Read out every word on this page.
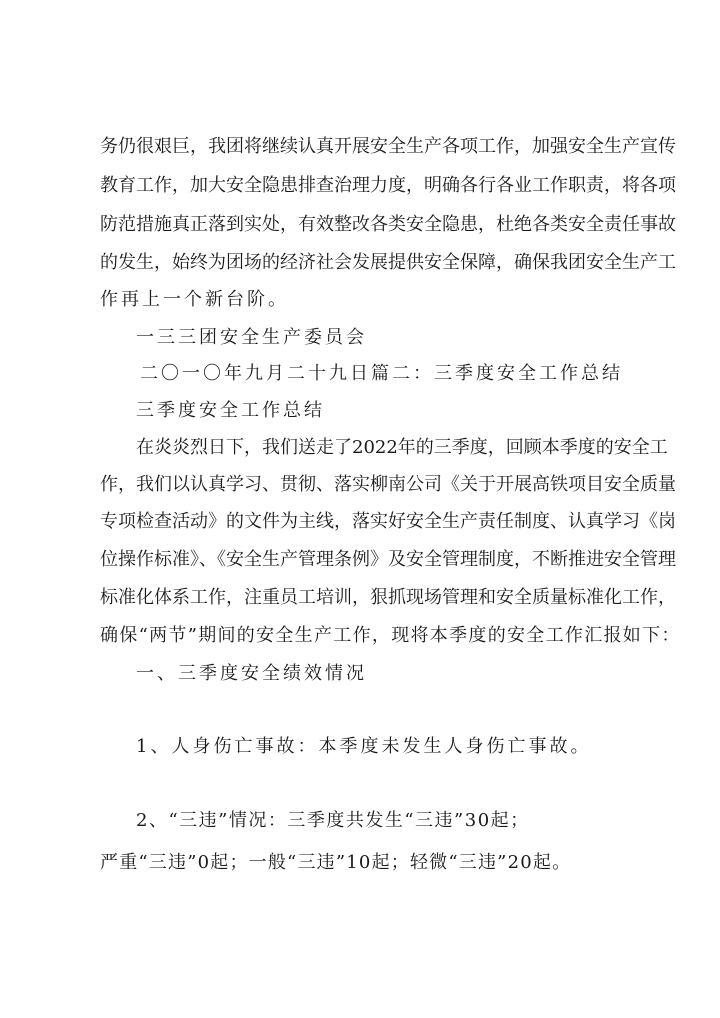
务仍很艰巨，我团将继续认真开展安全生产各项工作，加强安全生产宣传
教育工作，加大安全隐患排查治理力度，明确各行各业工作职责，将各项
防范措施真正落到实处，有效整改各类安全隐患，杜绝各类安全责任事故
的发生，始终为团场的经济社会发展提供安全保障，确保我团安全生产工
作再上一个新台阶。
一三三团安全生产委员会
二〇一〇年九月二十九日篇二：三季度安全工作总结
三季度安全工作总结
在炎炎烈日下，我们送走了2022年的三季度，回顾本季度的安全工
作，我们以认真学习、贯彻、落实柳南公司《关于开展高铁项目安全质量
专项检查活动》的文件为主线，落实好安全生产责任制度、认真学习《岗
位操作标准》、《安全生产管理条例》及安全管理制度，不断推进安全管理
标准化体系工作，注重员工培训，狠抓现场管理和安全质量标准化工作，
确保“两节”期间的安全生产工作，现将本季度的安全工作汇报如下：
一、三季度安全绩效情况
1、人身伤亡事故：本季度未发生人身伤亡事故。
2、“三违”情况：三季度共发生“三违”30起；
严重“三违”0起；一般“三违”10起；轻微“三违”20起。
